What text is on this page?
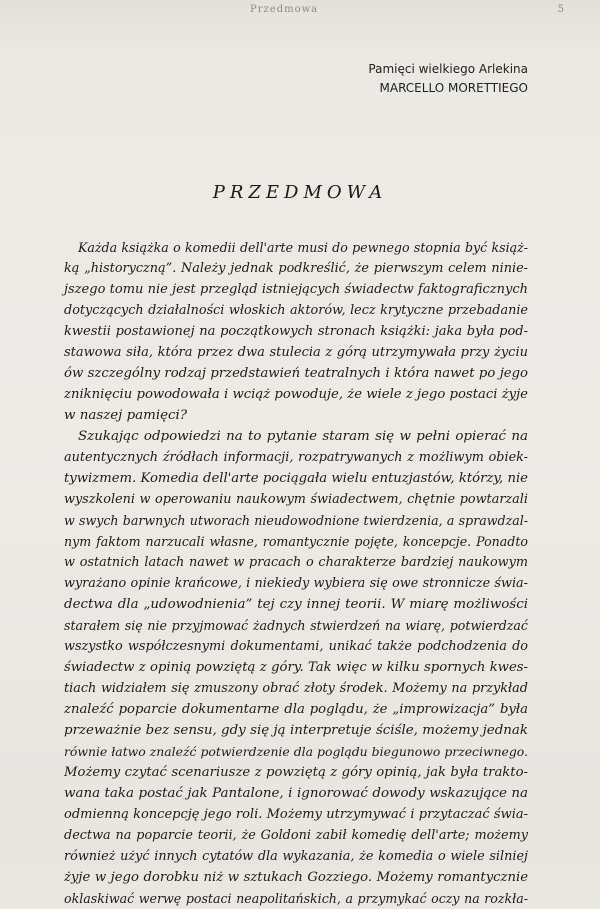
Przedmowa	5
Pamięci wielkiego Arlekina
MARCELLO MORETTIEGO
PRZEDMOWA
Każda książka o komedii dell'arte musi do pewnego stopnia być książ-
ką „historyczną”. Należy jednak podkreślić, że pierwszym celem ninie-
jszego tomu nie jest przegląd istniejących świadectw faktograficznych
dotyczących działalności włoskich aktorów, lecz krytyczne przebadanie
kwestii postawionej na początkowych stronach książki: jaka była pod-
stawowa siła, która przez dwa stulecia z górą utrzymywała przy życiu
ów szczególny rodzaj przedstawień teatralnych i która nawet po jego
zniknięciu powodowała i wciąż powoduje, że wiele z jego postaci żyje
w naszej pamięci?
Szukając odpowiedzi na to pytanie staram się w pełni opierać na
autentycznych źródłach informacji, rozpatrywanych z możliwym obiek-
tywizmem. Komedia dell'arte pociągała wielu entuzjastów, którzy, nie
wyszkoleni w operowaniu naukowym świadectwem, chętnie powtarzali
w swych barwnych utworach nieudowodnione twierdzenia, a sprawdzal-
nym faktom narzucali własne, romantycznie pojęte, koncepcje. Ponadto
w ostatnich latach nawet w pracach o charakterze bardziej naukowym
wyrażano opinie krańcowe, i niekiedy wybiera się owe stronnicze świa-
dectwa dla „udowodnienia” tej czy innej teorii. W miarę możliwości
starałem się nie przyjmować żadnych stwierdzeń na wiarę, potwierdzać
wszystko współczesnymi dokumentami, unikać także podchodzenia do
świadectw z opinią powziętą z góry. Tak więc w kilku spornych kwes-
tiach widziałem się zmuszony obrać złoty środek. Możemy na przykład
znaleźć poparcie dokumentarne dla poglądu, że „improwizacja” była
przeważnie bez sensu, gdy się ją interpretuje ściśle, możemy jednak
równie łatwo znaleźć potwierdzenie dla poglądu biegunowo przeciwnego.
Możemy czytać scenariusze z powziętą z góry opinią, jak była trakto-
wana taka postać jak Pantalone, i ignorować dowody wskazujące na
odmienną koncepcję jego roli. Możemy utrzymywać i przytaczać świa-
dectwa na poparcie teorii, że Goldoni zabił komedię dell'arte; możemy
również użyć innych cytatów dla wykazania, że komedia o wiele silniej
żyje w jego dorobku niż w sztukach Gozziego. Możemy romantycznie
oklaskiwać werwę postaci neapolitańskich, a przymykać oczy na rozkła-
